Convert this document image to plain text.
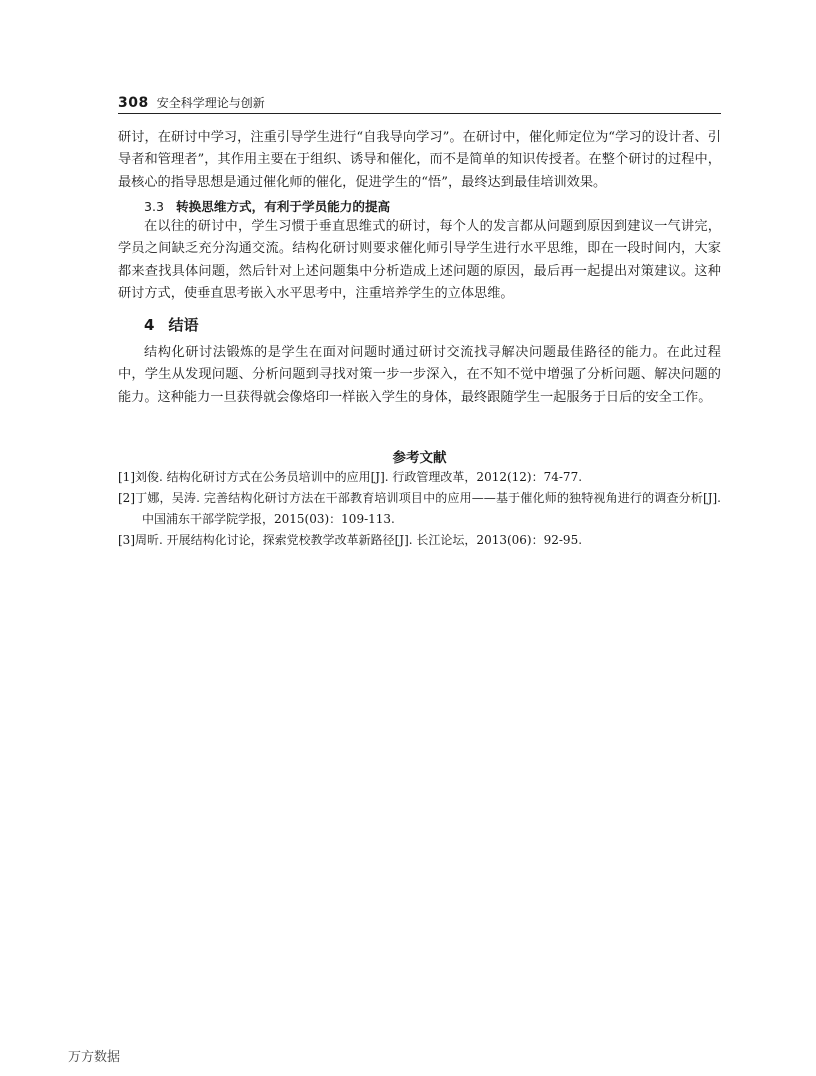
308 安全科学理论与创新

研讨，在研讨中学习，注重引导学生进行“自我导向学习”。在研讨中，催化师定位为“学习的设计者、引导者和管理者”，其作用主要在于组织、诱导和催化，而不是简单的知识传授者。在整个研讨的过程中，最核心的指导思想是通过催化师的催化，促进学生的“悟”，最终达到最佳培训效果。

3.3 转换思维方式，有利于学员能力的提高

在以往的研讨中，学生习惯于垂直思维式的研讨，每个人的发言都从问题到原因到建议一气讲完，学员之间缺乏充分沟通交流。结构化研讨则要求催化师引导学生进行水平思维，即在一段时间内，大家都来查找具体问题，然后针对上述问题集中分析造成上述问题的原因，最后再一起提出对策建议。这种研讨方式，使垂直思考嵌入水平思考中，注重培养学生的立体思维。

4 结语

结构化研讨法锻炼的是学生在面对问题时通过研讨交流找寻解决问题最佳路径的能力。在此过程中，学生从发现问题、分析问题到寻找对策一步一步深入，在不知不觉中增强了分析问题、解决问题的能力。这种能力一旦获得就会像烙印一样嵌入学生的身体，最终跟随学生一起服务于日后的安全工作。

参考文献

[1]刘俊. 结构化研讨方式在公务员培训中的应用[J]. 行政管理改革，2012(12)：74-77.
[2]丁娜，吴涛. 完善结构化研讨方法在干部教育培训项目中的应用——基于催化师的独特视角进行的调查分析[J]. 中国浦东干部学院学报，2015(03)：109-113.
[3]周昕. 开展结构化讨论，探索党校教学改革新路径[J]. 长江论坛，2013(06)：92-95.
万方数据
